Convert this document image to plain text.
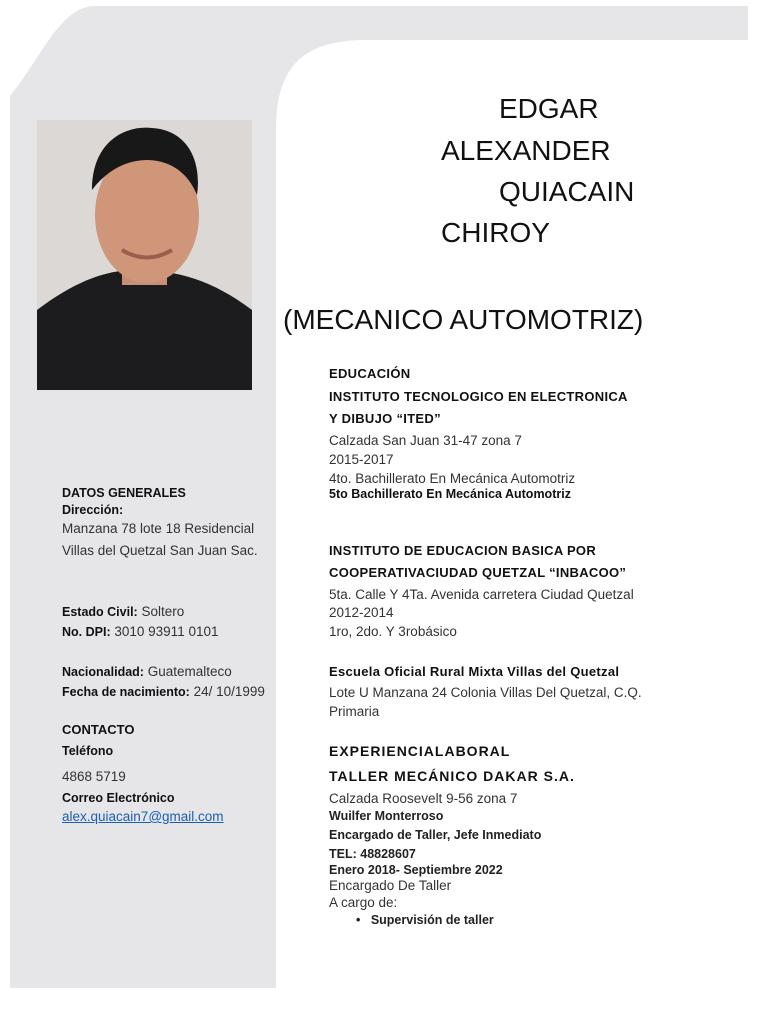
EDGAR
ALEXANDER
QUIACAIN
CHIROY
(MECANICO AUTOMOTRIZ)
DATOS GENERALES
Dirección:
Manzana 78 lote 18 Residencial
Villas del Quetzal San Juan Sac.
Estado Civil: Soltero
No. DPI: 3010 93911 0101
Nacionalidad: Guatemalteco
Fecha de nacimiento: 24/ 10/1999
CONTACTO
Teléfono
4868 5719
Correo Electrónico
alex.quiacain7@gmail.com
EDUCACIÓN
INSTITUTO TECNOLOGICO EN ELECTRONICA
Y DIBUJO “ITED”
Calzada San Juan 31-47 zona 7
2015-2017
4to. Bachillerato En Mecánica Automotriz
5to Bachillerato En Mecánica Automotriz
INSTITUTO DE EDUCACION BASICA POR
COOPERATIVACIUDAD QUETZAL “INBACOO”
5ta. Calle Y 4Ta. Avenida carretera Ciudad Quetzal
2012-2014
1ro, 2do. Y 3robásico
Escuela Oficial Rural Mixta Villas del Quetzal
Lote U Manzana 24 Colonia Villas Del Quetzal, C.Q.
Primaria
EXPERIENCIALABORAL
TALLER MECÁNICO DAKAR S.A.
Calzada Roosevelt 9-56 zona 7
Wuilfer Monterroso
Encargado de Taller, Jefe Inmediato
TEL: 48828607
Enero 2018- Septiembre 2022
Encargado De Taller
A cargo de:
• Supervisión de taller
